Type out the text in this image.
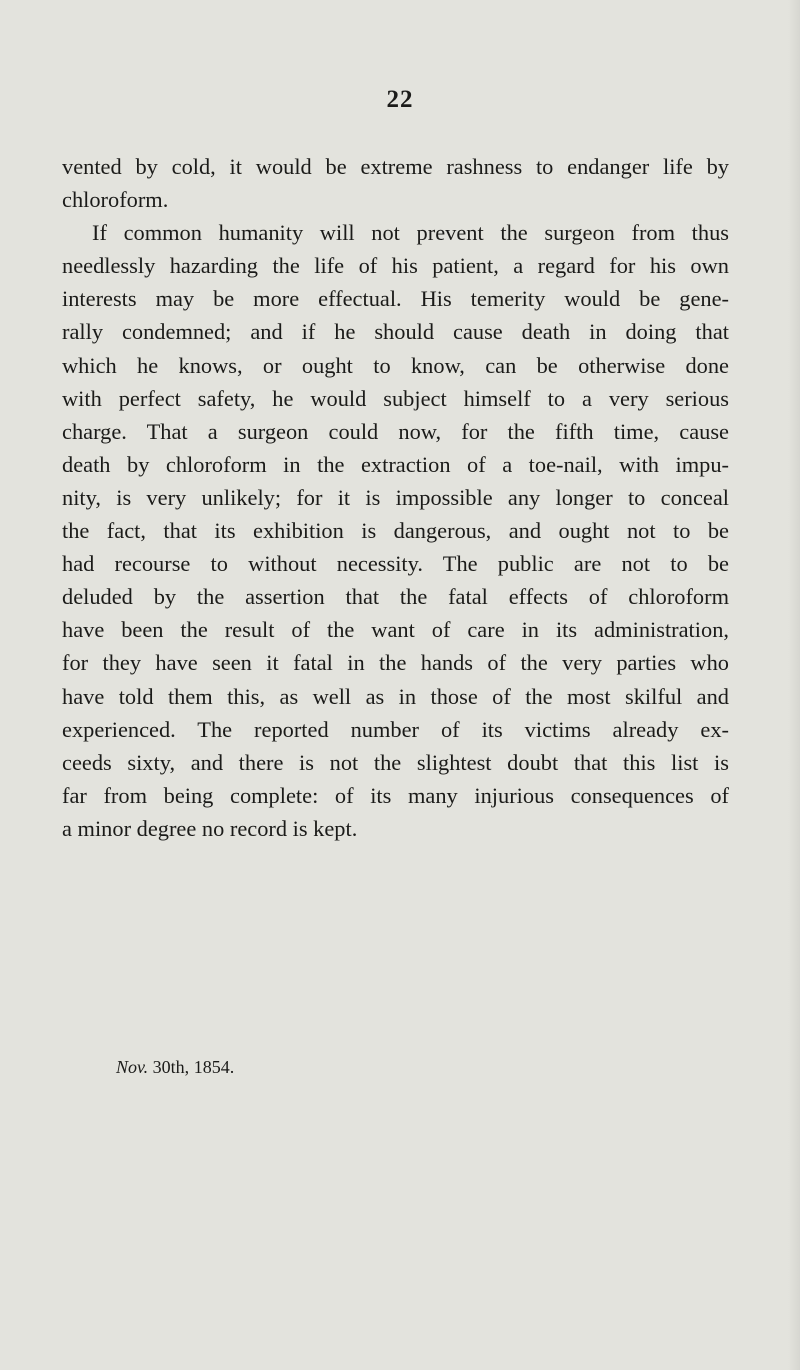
22
vented by cold, it would be extreme rashness to endanger life by
chloroform.
If common humanity will not prevent the surgeon from thus
needlessly hazarding the life of his patient, a regard for his own
interests may be more effectual. His temerity would be gene-
rally condemned; and if he should cause death in doing that
which he knows, or ought to know, can be otherwise done
with perfect safety, he would subject himself to a very serious
charge. That a surgeon could now, for the fifth time, cause
death by chloroform in the extraction of a toe-nail, with impu-
nity, is very unlikely; for it is impossible any longer to conceal
the fact, that its exhibition is dangerous, and ought not to be
had recourse to without necessity. The public are not to be
deluded by the assertion that the fatal effects of chloroform
have been the result of the want of care in its administration,
for they have seen it fatal in the hands of the very parties who
have told them this, as well as in those of the most skilful and
experienced. The reported number of its victims already ex-
ceeds sixty, and there is not the slightest doubt that this list is
far from being complete: of its many injurious consequences of
a minor degree no record is kept.
Nov. 30th, 1854.
